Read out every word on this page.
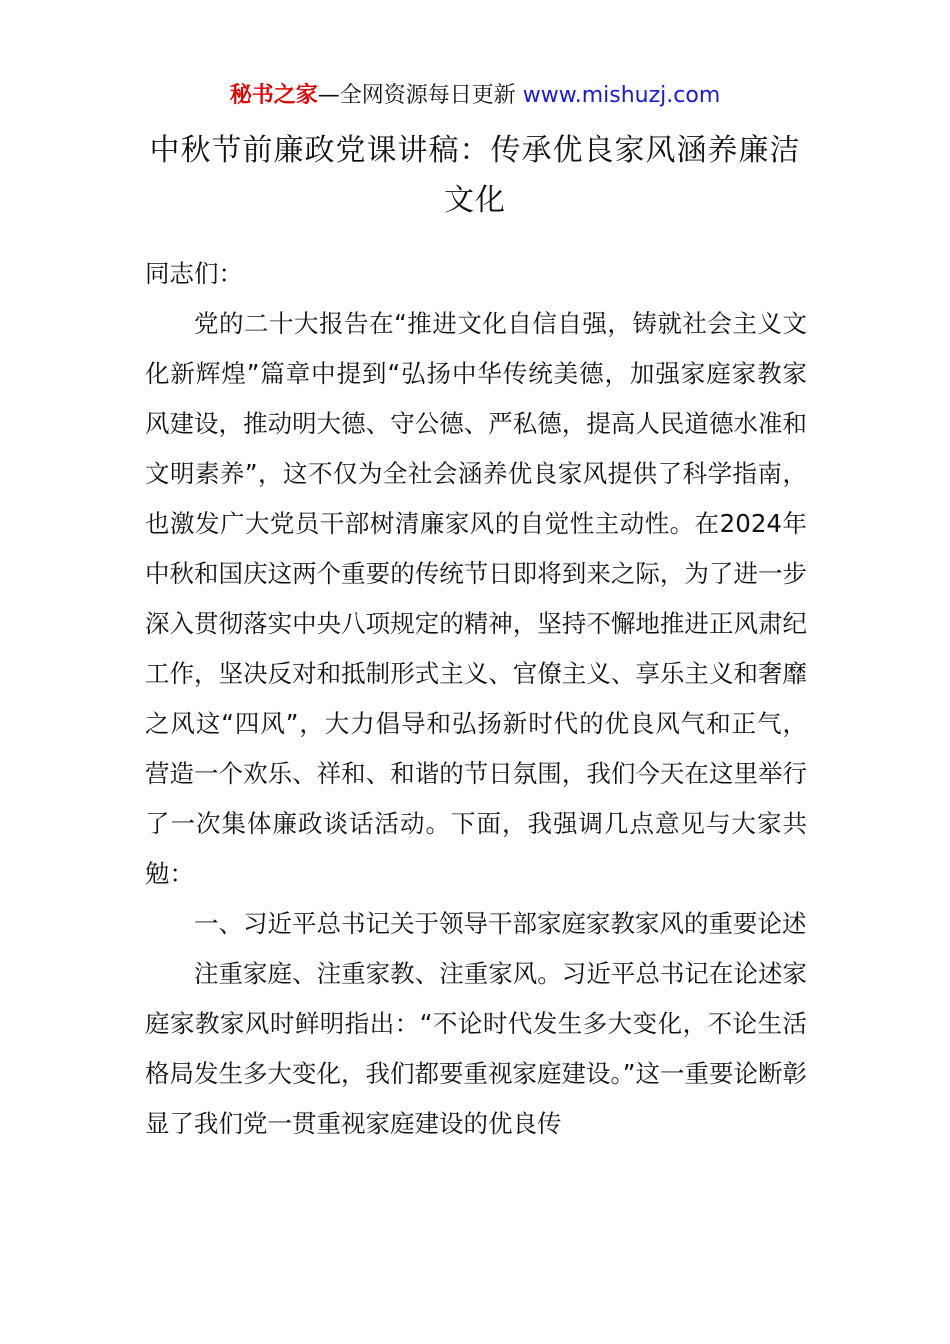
秘书之家—全网资源每日更新 www.mishuzj.com
中秋节前廉政党课讲稿：传承优良家风涵养廉洁文化

同志们：

党的二十大报告在“推进文化自信自强，铸就社会主义文化新辉煌”篇章中提到“弘扬中华传统美德，加强家庭家教家风建设，推动明大德、守公德、严私德，提高人民道德水准和文明素养”，这不仅为全社会涵养优良家风提供了科学指南，也激发广大党员干部树清廉家风的自觉性主动性。在2024年中秋和国庆这两个重要的传统节日即将到来之际，为了进一步深入贯彻落实中央八项规定的精神，坚持不懈地推进正风肃纪工作，坚决反对和抵制形式主义、官僚主义、享乐主义和奢靡之风这“四风”，大力倡导和弘扬新时代的优良风气和正气，营造一个欢乐、祥和、和谐的节日氛围，我们今天在这里举行了一次集体廉政谈话活动。下面，我强调几点意见与大家共勉：

一、习近平总书记关于领导干部家庭家教家风的重要论述

注重家庭、注重家教、注重家风。习近平总书记在论述家庭家教家风时鲜明指出：“不论时代发生多大变化，不论生活格局发生多大变化，我们都要重视家庭建设。”这一重要论断彰显了我们党一贯重视家庭建设的优良传
